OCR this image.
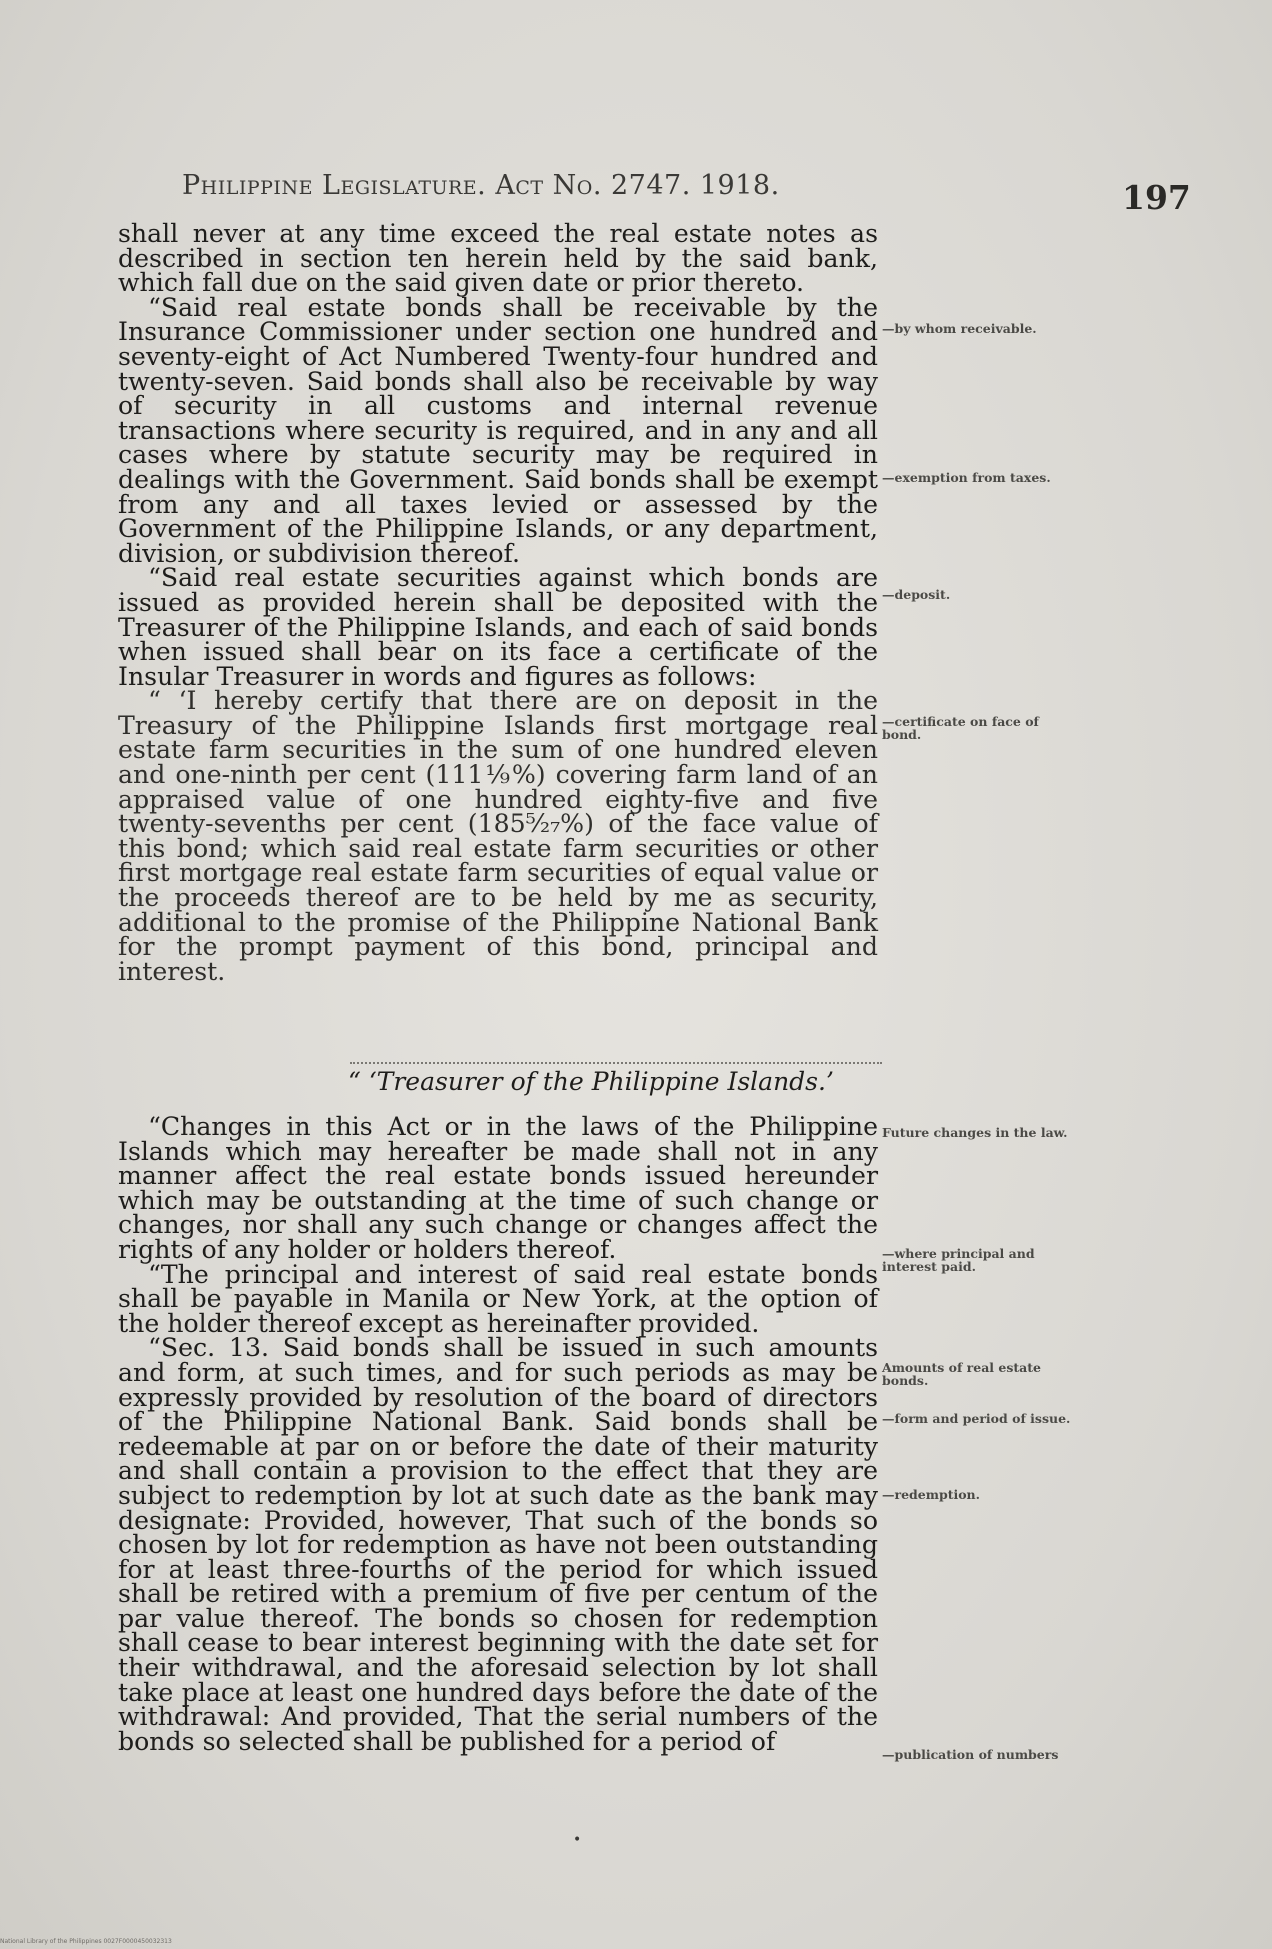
Philippine Legislature. Act No. 2747. 1918.	197

shall never at any time exceed the real estate notes as described in section ten herein held by the said bank, which fall due on the said given date or prior thereto.

“Said real estate bonds shall be receivable by the Insurance Commissioner under section one hundred and seventy-eight of Act Numbered Twenty-four hundred and twenty-seven. Said bonds shall also be receivable by way of security in all customs and internal revenue transactions where security is required, and in any and all cases where by statute security may be required in dealings with the Government. Said bonds shall be exempt from any and all taxes levied or assessed by the Government of the Philippine Islands, or any department, division, or subdivision thereof.

“Said real estate securities against which bonds are issued as provided herein shall be deposited with the Treasurer of the Philippine Islands, and each of said bonds when issued shall bear on its face a certificate of the Insular Treasurer in words and figures as follows:

“ ‘I hereby certify that there are on deposit in the Treasury of the Philippine Islands first mortgage real estate farm securities in the sum of one hundred eleven and one-ninth per cent (111⅑%) covering farm land of an appraised value of one hundred eighty-five and five twenty-sevenths per cent (185⁵⁄₂₇%) of the face value of this bond; which said real estate farm securities or other first mortgage real estate farm securities of equal value or the proceeds thereof are to be held by me as security, additional to the promise of the Philippine National Bank for the prompt payment of this bond, principal and interest.

“ ‘Treasurer of the Philippine Islands.’

“Changes in this Act or in the laws of the Philippine Islands which may hereafter be made shall not in any manner affect the real estate bonds issued hereunder which may be outstanding at the time of such change or changes, nor shall any such change or changes affect the rights of any holder or holders thereof.

“The principal and interest of said real estate bonds shall be payable in Manila or New York, at the option of the holder thereof except as hereinafter provided.

“Sec. 13. Said bonds shall be issued in such amounts and form, at such times, and for such periods as may be expressly provided by resolution of the board of directors of the Philippine National Bank. Said bonds shall be redeemable at par on or before the date of their maturity and shall contain a provision to the effect that they are subject to redemption by lot at such date as the bank may designate: Provided, however, That such of the bonds so chosen by lot for redemption as have not been outstanding for at least three-fourths of the period for which issued shall be retired with a premium of five per centum of the par value thereof. The bonds so chosen for redemption shall cease to bear interest beginning with the date set for their withdrawal, and the aforesaid selection by lot shall take place at least one hundred days before the date of the withdrawal: And provided, That the serial numbers of the bonds so selected shall be published for a period of

—by whom receivable.
—exemption from taxes.
—deposit.
—certificate on face of bond.
Future changes in the law.
—where principal and interest paid.
Amounts of real estate bonds.
—form and period of issue.
—redemption.
—publication of numbers
•
National Library of the Philippines 0027F0000450032313
